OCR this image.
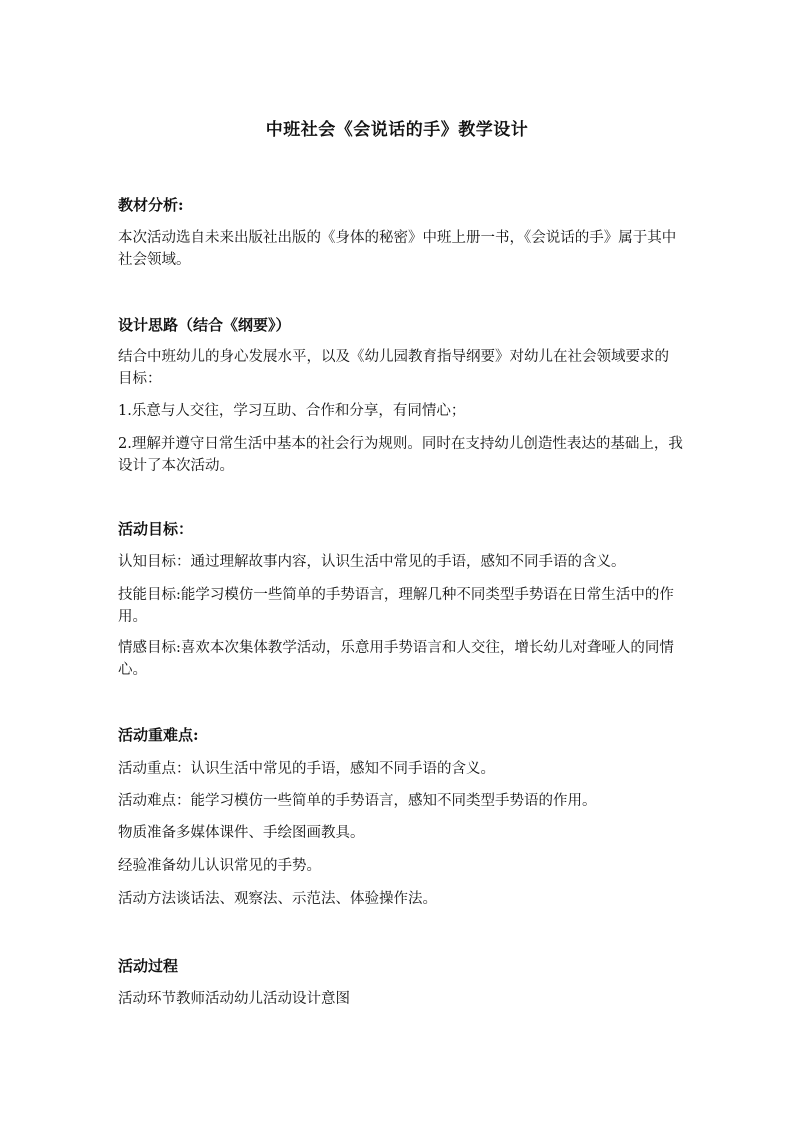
中班社会《会说话的手》教学设计
教材分析:
本次活动选自未来出版社出版的《身体的秘密》中班上册一书，《会说话的手》属于其中社会领域。
设计思路（结合《纲要》）
结合中班幼儿的身心发展水平，以及《幼儿园教育指导纲要》对幼儿在社会领域要求的目标：
1.乐意与人交往，学习互助、合作和分享，有同情心；
2.理解并遵守日常生活中基本的社会行为规则。同时在支持幼儿创造性表达的基础上，我设计了本次活动。
活动目标：
认知目标：通过理解故事内容，认识生活中常见的手语，感知不同手语的含义。
技能目标:能学习模仿一些简单的手势语言，理解几种不同类型手势语在日常生活中的作用。
情感目标:喜欢本次集体教学活动，乐意用手势语言和人交往，增长幼儿对聋哑人的同情心。
活动重难点:
活动重点：认识生活中常见的手语，感知不同手语的含义。
活动难点：能学习模仿一些简单的手势语言，感知不同类型手势语的作用。
物质准备多媒体课件、手绘图画教具。
经验准备幼儿认识常见的手势。
活动方法谈话法、观察法、示范法、体验操作法。
活动过程
活动环节教师活动幼儿活动设计意图
